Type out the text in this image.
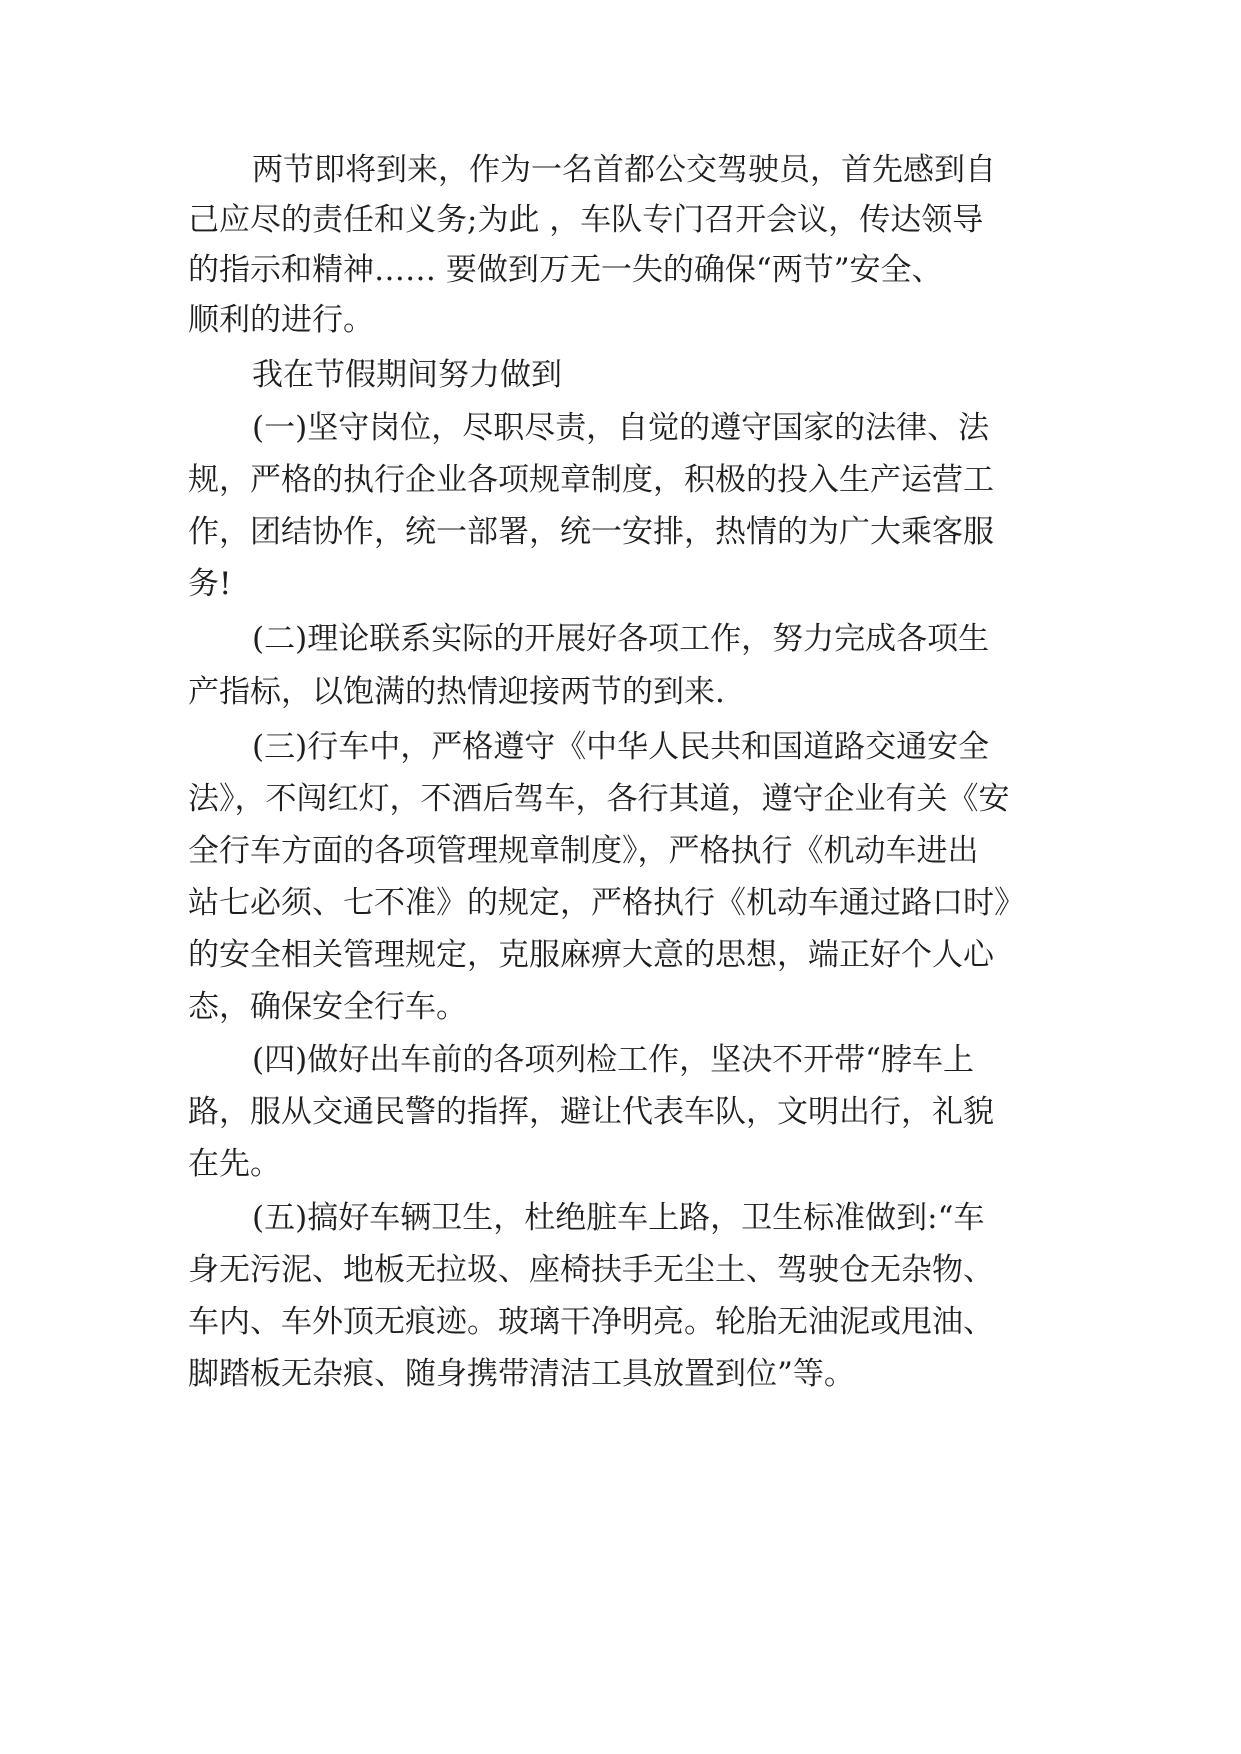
两节即将到来，作为一名首都公交驾驶员，首先感到自
己应尽的责任和义务;为此 ，车队专门召开会议，传达领导
的指示和精神…… 要做到万无一失的确保“两节”安全、
顺利的进行。
我在节假期间努力做到
(一)坚守岗位，尽职尽责，自觉的遵守国家的法律、法
规，严格的执行企业各项规章制度，积极的投入生产运营工
作，团结协作，统一部署，统一安排，热情的为广大乘客服
务!
(二)理论联系实际的开展好各项工作，努力完成各项生
产指标，以饱满的热情迎接两节的到来.
(三)行车中，严格遵守《中华人民共和国道路交通安全
法》，不闯红灯，不酒后驾车，各行其道，遵守企业有关《安
全行车方面的各项管理规章制度》，严格执行《机动车进出
站七必须、七不准》的规定，严格执行《机动车通过路口时》
的安全相关管理规定，克服麻痹大意的思想，端正好个人心
态，确保安全行车。
(四)做好出车前的各项列检工作，坚决不开带“脖车上
路，服从交通民警的指挥，避让代表车队，文明出行，礼貌
在先。
(五)搞好车辆卫生，杜绝脏车上路，卫生标准做到:“车
身无污泥、地板无拉圾、座椅扶手无尘土、驾驶仓无杂物、
车内、车外顶无痕迹。玻璃干净明亮。轮胎无油泥或甩油、
脚踏板无杂痕、随身携带清洁工具放置到位”等。
